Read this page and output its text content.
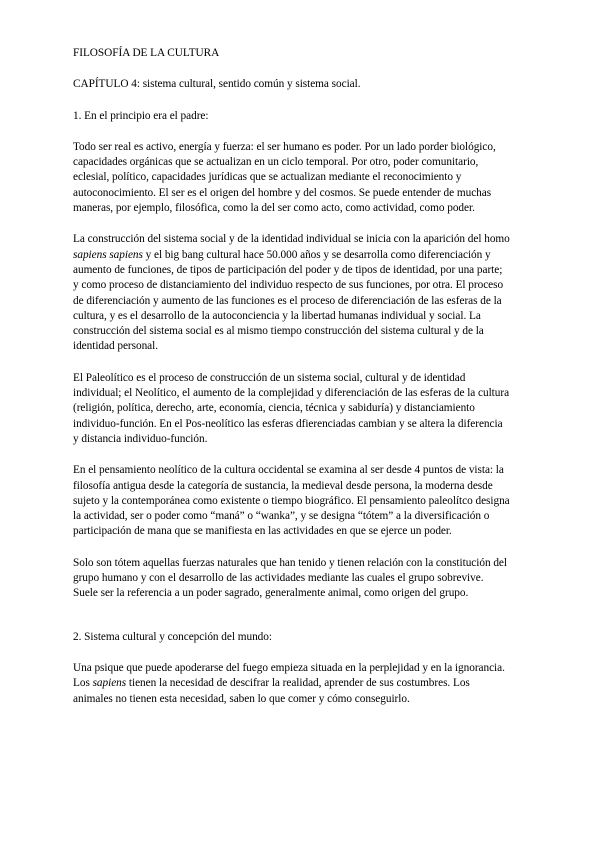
FILOSOFÍA DE LA CULTURA
CAPÍTULO 4: sistema cultural, sentido común y sistema social.
1. En el principio era el padre:
Todo ser real es activo, energía y fuerza: el ser humano es poder. Por un lado porder biológico,
capacidades orgánicas que se actualizan en un ciclo temporal. Por otro, poder comunitario,
eclesial, político, capacidades jurídicas que se actualizan mediante el reconocimiento y
autoconocimiento. El ser es el origen del hombre y del cosmos. Se puede entender de muchas
maneras, por ejemplo, filosófica, como la del ser como acto, como actividad, como poder.
La construcción del sistema social y de la identidad individual se inicia con la aparición del homo
sapiens sapiens y el big bang cultural hace 50.000 años y se desarrolla como diferenciación y
aumento de funciones, de tipos de participación del poder y de tipos de identidad, por una parte;
y como proceso de distanciamiento del individuo respecto de sus funciones, por otra. El proceso
de diferenciación y aumento de las funciones es el proceso de diferenciación de las esferas de la
cultura, y es el desarrollo de la autoconciencia y la libertad humanas individual y social. La
construcción del sistema social es al mismo tiempo construcción del sistema cultural y de la
identidad personal.
El Paleolítico es el proceso de construcción de un sistema social, cultural y de identidad
individual; el Neolítico, el aumento de la complejidad y diferenciación de las esferas de la cultura
(religión, política, derecho, arte, economía, ciencia, técnica y sabiduría) y distanciamiento
individuo-función. En el Pos-neolítico las esferas dfierenciadas cambian y se altera la diferencia
y distancia individuo-función.
En el pensamiento neolítico de la cultura occidental se examina al ser desde 4 puntos de vista: la
filosofía antigua desde la categoría de sustancia, la medieval desde persona, la moderna desde
sujeto y la contemporánea como existente o tiempo biográfico. El pensamiento paleolítco designa
la actividad, ser o poder como “maná” o “wanka”, y se designa “tótem” a la diversificación o
participación de mana que se manifiesta en las actividades en que se ejerce un poder.
Solo son tótem aquellas fuerzas naturales que han tenido y tienen relación con la constitución del
grupo humano y con el desarrollo de las actividades mediante las cuales el grupo sobrevive.
Suele ser la referencia a un poder sagrado, generalmente animal, como origen del grupo.
2. Sistema cultural y concepción del mundo:
Una psique que puede apoderarse del fuego empieza situada en la perplejidad y en la ignorancia.
Los sapiens tienen la necesidad de descifrar la realidad, aprender de sus costumbres. Los
animales no tienen esta necesidad, saben lo que comer y cómo conseguirlo.
